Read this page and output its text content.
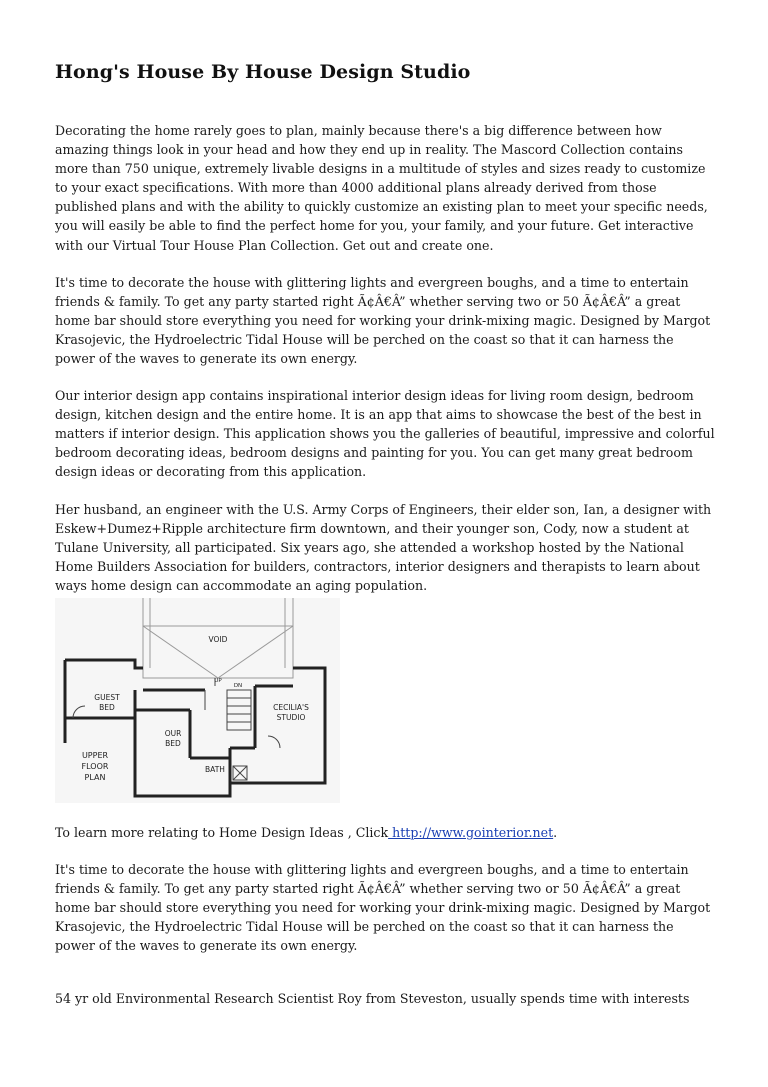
Hong's House By House Design Studio

Decorating the home rarely goes to plan, mainly because there's a big difference between how amazing things look in your head and how they end up in reality. The Mascord Collection contains more than 750 unique, extremely livable designs in a multitude of styles and sizes ready to customize to your exact specifications. With more than 4000 additional plans already derived from those published plans and with the ability to quickly customize an existing plan to meet your specific needs, you will easily be able to find the perfect home for you, your family, and your future. Get interactive with our Virtual Tour House Plan Collection. Get out and create one.

It's time to decorate the house with glittering lights and evergreen boughs, and a time to entertain friends & family. To get any party started right Ã¢Â€Â” whether serving two or 50 Ã¢Â€Â” a great home bar should store everything you need for working your drink-mixing magic. Designed by Margot Krasojevic, the Hydroelectric Tidal House will be perched on the coast so that it can harness the power of the waves to generate its own energy.

Our interior design app contains inspirational interior design ideas for living room design, bedroom design, kitchen design and the entire home. It is an app that aims to showcase the best of the best in matters if interior design. This application shows you the galleries of beautiful, impressive and colorful bedroom decorating ideas, bedroom designs and painting for you. You can get many great bedroom design ideas or decorating from this application.

Her husband, an engineer with the U.S. Army Corps of Engineers, their elder son, Ian, a designer with Eskew+Dumez+Ripple architecture firm downtown, and their younger son, Cody, now a student at Tulane University, all participated. Six years ago, she attended a workshop hosted by the National Home Builders Association for builders, contractors, interior designers and therapists to learn about ways home design can accommodate an aging population.

VOID
UP
DN
GUEST
BED	CECILIA'S
STUDIO
OUR
BED
BATH
UPPER
FLOOR
PLAN

To learn more relating to Home Design Ideas , Click http://www.gointerior.net.

It's time to decorate the house with glittering lights and evergreen boughs, and a time to entertain friends & family. To get any party started right Ã¢Â€Â” whether serving two or 50 Ã¢Â€Â” a great home bar should store everything you need for working your drink-mixing magic. Designed by Margot Krasojevic, the Hydroelectric Tidal House will be perched on the coast so that it can harness the power of the waves to generate its own energy.

54 yr old Environmental Research Scientist Roy from Steveston, usually spends time with interests
